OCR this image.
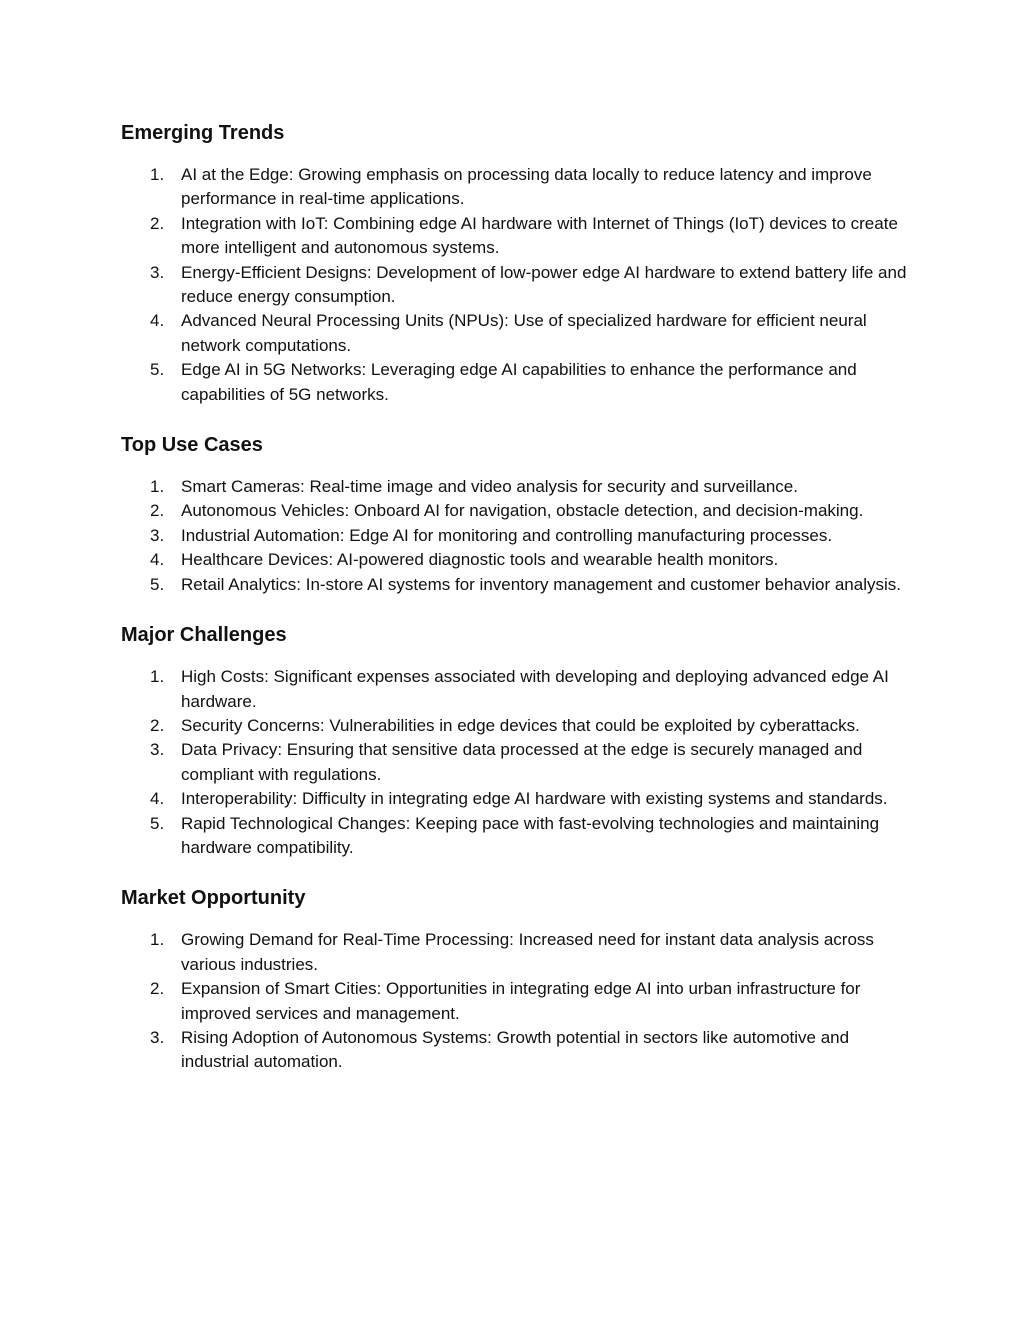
Emerging Trends
1. AI at the Edge: Growing emphasis on processing data locally to reduce latency and improve performance in real-time applications.
2. Integration with IoT: Combining edge AI hardware with Internet of Things (IoT) devices to create more intelligent and autonomous systems.
3. Energy-Efficient Designs: Development of low-power edge AI hardware to extend battery life and reduce energy consumption.
4. Advanced Neural Processing Units (NPUs): Use of specialized hardware for efficient neural network computations.
5. Edge AI in 5G Networks: Leveraging edge AI capabilities to enhance the performance and capabilities of 5G networks.
Top Use Cases
1. Smart Cameras: Real-time image and video analysis for security and surveillance.
2. Autonomous Vehicles: Onboard AI for navigation, obstacle detection, and decision-making.
3. Industrial Automation: Edge AI for monitoring and controlling manufacturing processes.
4. Healthcare Devices: AI-powered diagnostic tools and wearable health monitors.
5. Retail Analytics: In-store AI systems for inventory management and customer behavior analysis.
Major Challenges
1. High Costs: Significant expenses associated with developing and deploying advanced edge AI hardware.
2. Security Concerns: Vulnerabilities in edge devices that could be exploited by cyberattacks.
3. Data Privacy: Ensuring that sensitive data processed at the edge is securely managed and compliant with regulations.
4. Interoperability: Difficulty in integrating edge AI hardware with existing systems and standards.
5. Rapid Technological Changes: Keeping pace with fast-evolving technologies and maintaining hardware compatibility.
Market Opportunity
1. Growing Demand for Real-Time Processing: Increased need for instant data analysis across various industries.
2. Expansion of Smart Cities: Opportunities in integrating edge AI into urban infrastructure for improved services and management.
3. Rising Adoption of Autonomous Systems: Growth potential in sectors like automotive and industrial automation.
